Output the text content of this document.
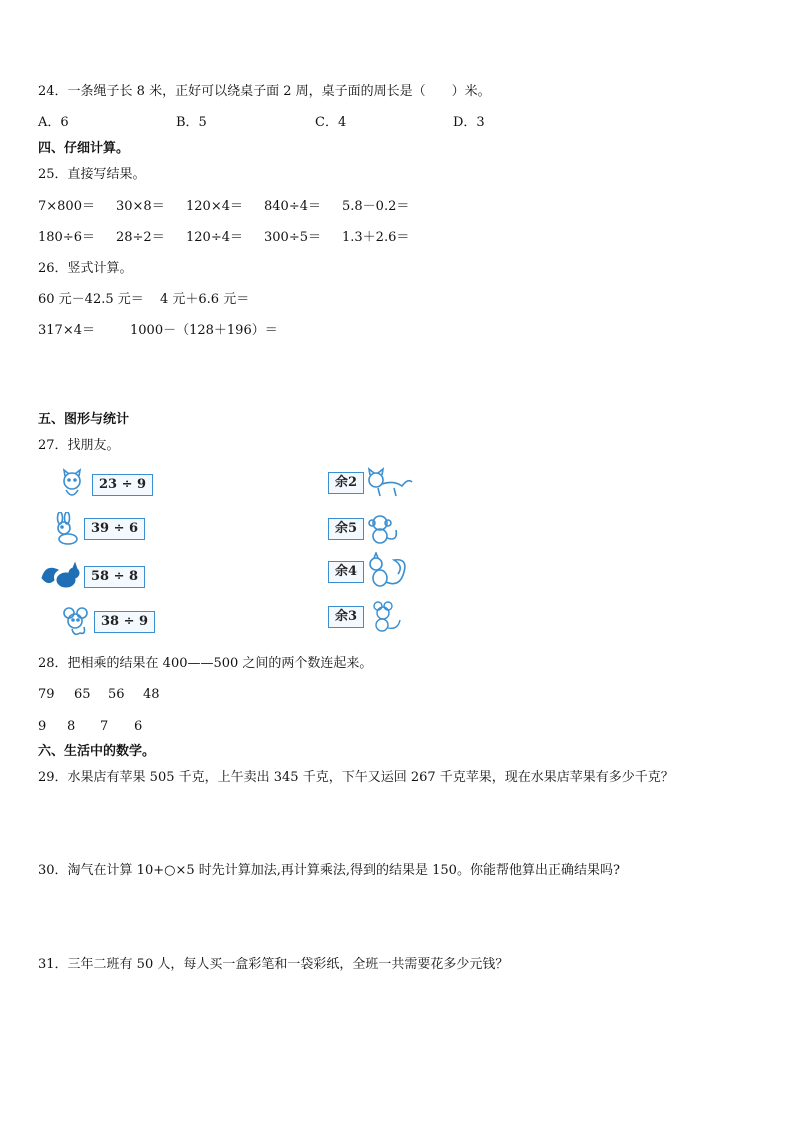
24．一条绳子长 8 米，正好可以绕桌子面 2 周，桌子面的周长是（　　）米。
A．6	B．5	C．4	D．3
四、仔细计算。
25．直接写结果。
7×800＝ 30×8＝ 120×4＝ 840÷4＝ 5.8－0.2＝
180÷6＝ 28÷2＝ 120÷4＝ 300÷5＝ 1.3＋2.6＝
26．竖式计算。
60 元－42.5 元＝ 4 元＋6.6 元＝
317×4＝	1000－（128＋196）＝
五、图形与统计
27．找朋友。
23 ÷ 9
39 ÷ 6
58 ÷ 8
38 ÷ 9
余2
余5
余4
余3
28．把相乘的结果在 400——500 之间的两个数连起来。
79 65 56 48
9 8 7 6
六、生活中的数学。
29．水果店有苹果 505 千克，上午卖出 345 千克，下午又运回 267 千克苹果，现在水果店苹果有多少千克？
30．淘气在计算 10+○×5 时先计算加法,再计算乘法,得到的结果是 150。你能帮他算出正确结果吗?
31．三年二班有 50 人，每人买一盒彩笔和一袋彩纸，全班一共需要花多少元钱？
